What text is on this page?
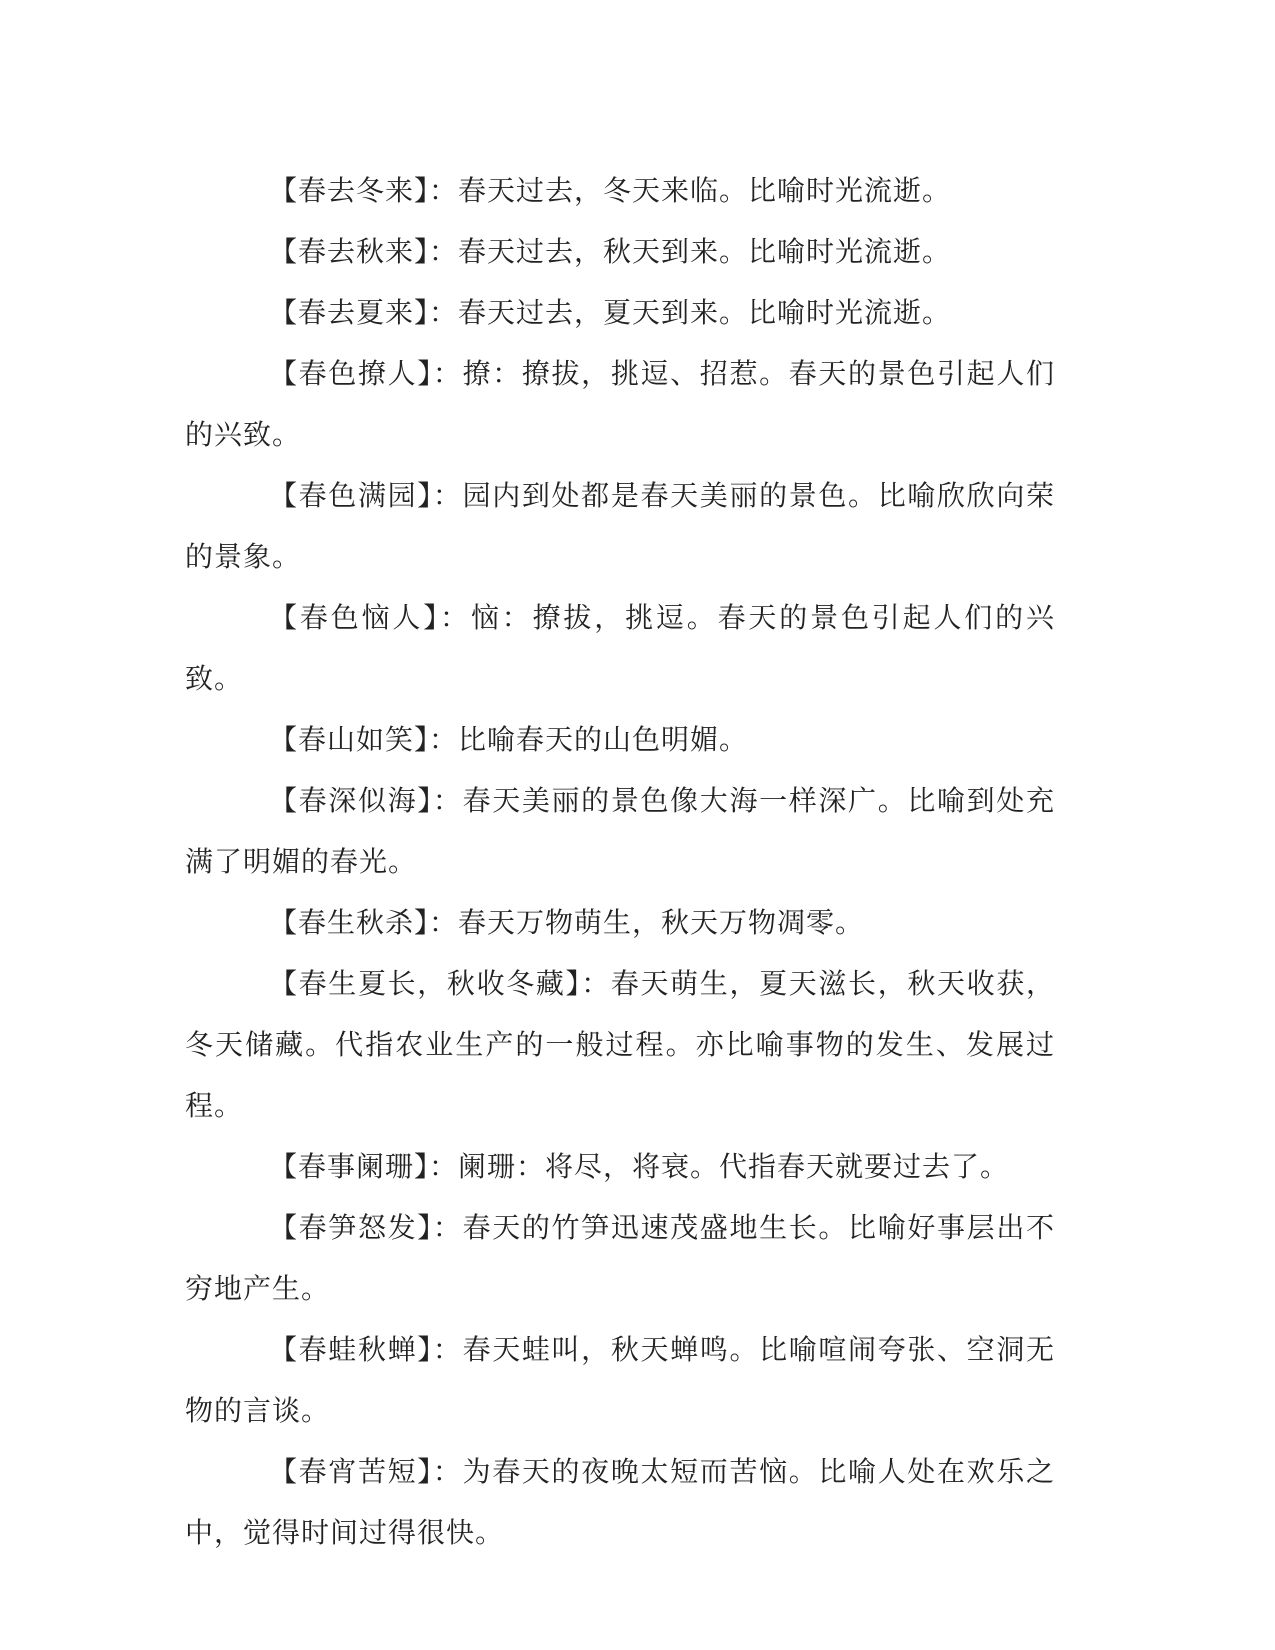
【春去冬来】：春天过去，冬天来临。比喻时光流逝。

【春去秋来】：春天过去，秋天到来。比喻时光流逝。

【春去夏来】：春天过去，夏天到来。比喻时光流逝。

【春色撩人】：撩：撩拔，挑逗、招惹。春天的景色引起人们的兴致。

【春色满园】：园内到处都是春天美丽的景色。比喻欣欣向荣的景象。

【春色恼人】：恼：撩拔，挑逗。春天的景色引起人们的兴致。

【春山如笑】：比喻春天的山色明媚。

【春深似海】：春天美丽的景色像大海一样深广。比喻到处充满了明媚的春光。

【春生秋杀】：春天万物萌生，秋天万物凋零。

【春生夏长，秋收冬藏】：春天萌生，夏天滋长，秋天收获，冬天储藏。代指农业生产的一般过程。亦比喻事物的发生、发展过程。

【春事阑珊】：阑珊：将尽，将衰。代指春天就要过去了。

【春笋怒发】：春天的竹笋迅速茂盛地生长。比喻好事层出不穷地产生。

【春蛙秋蝉】：春天蛙叫，秋天蝉鸣。比喻喧闹夸张、空洞无物的言谈。

【春宵苦短】：为春天的夜晚太短而苦恼。比喻人处在欢乐之中，觉得时间过得很快。
